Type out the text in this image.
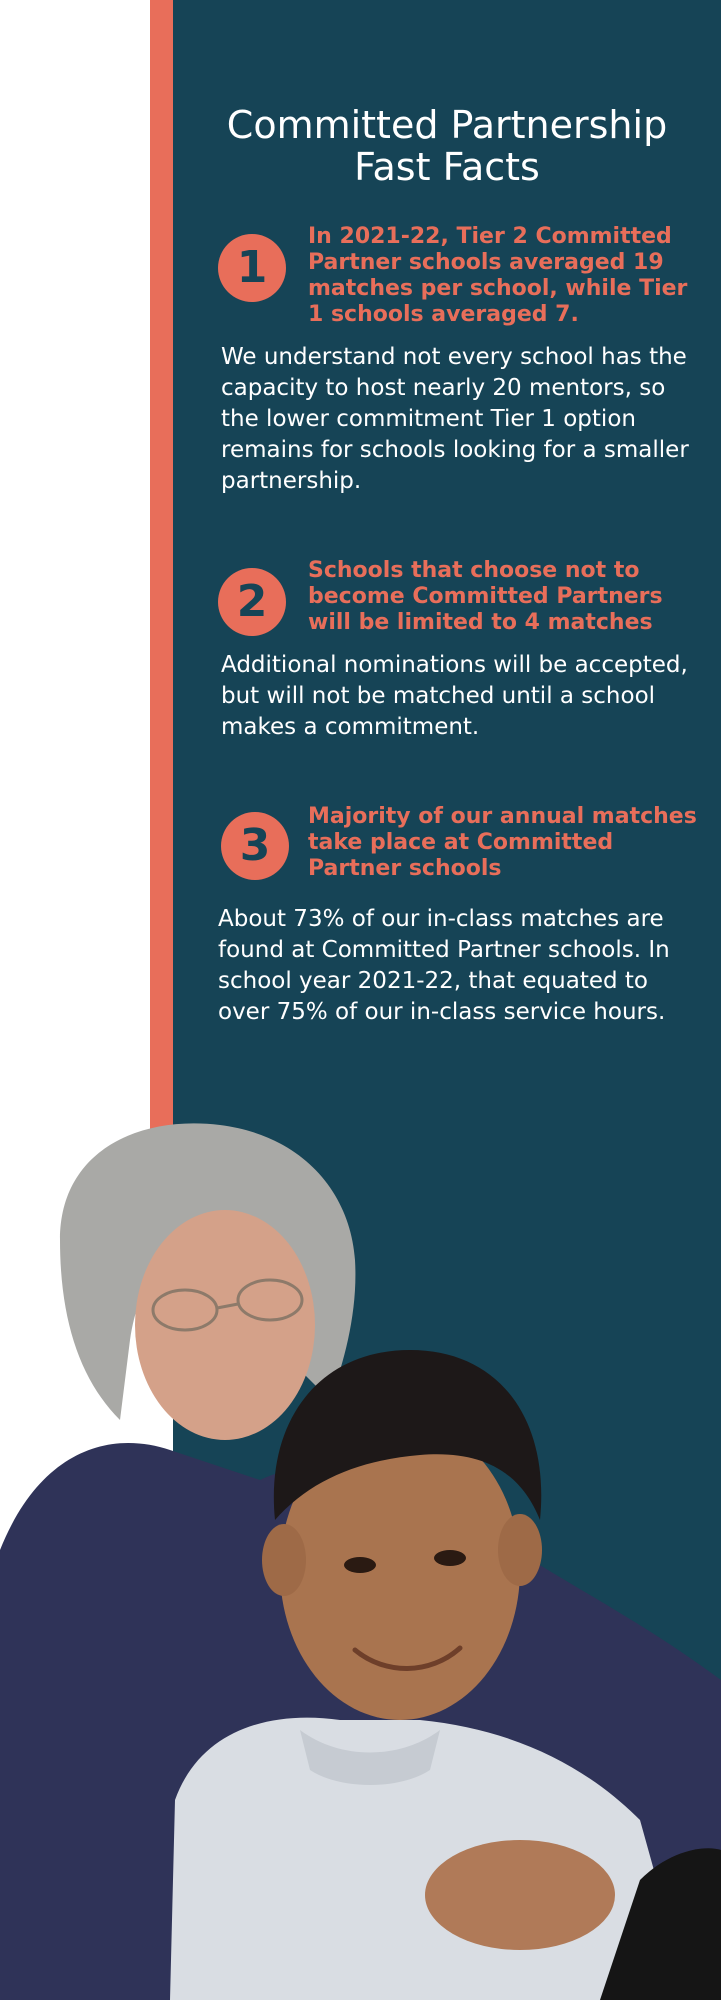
Committed Partnership
Fast Facts
1

In 2021-22, Tier 2 Committed Partner schools averaged 19 matches per school, while Tier 1 schools averaged 7.

We understand not every school has the capacity to host nearly 20 mentors, so the lower commitment Tier 1 option remains for schools looking for a smaller partnership.

2

Schools that choose not to become Committed Partners will be limited to 4 matches

Additional nominations will be accepted, but will not be matched until a school makes a commitment.

3

Majority of our annual matches take place at Committed Partner schools

About 73% of our in-class matches are found at Committed Partner schools. In school year 2021-22, that equated to over 75% of our in-class service hours.
